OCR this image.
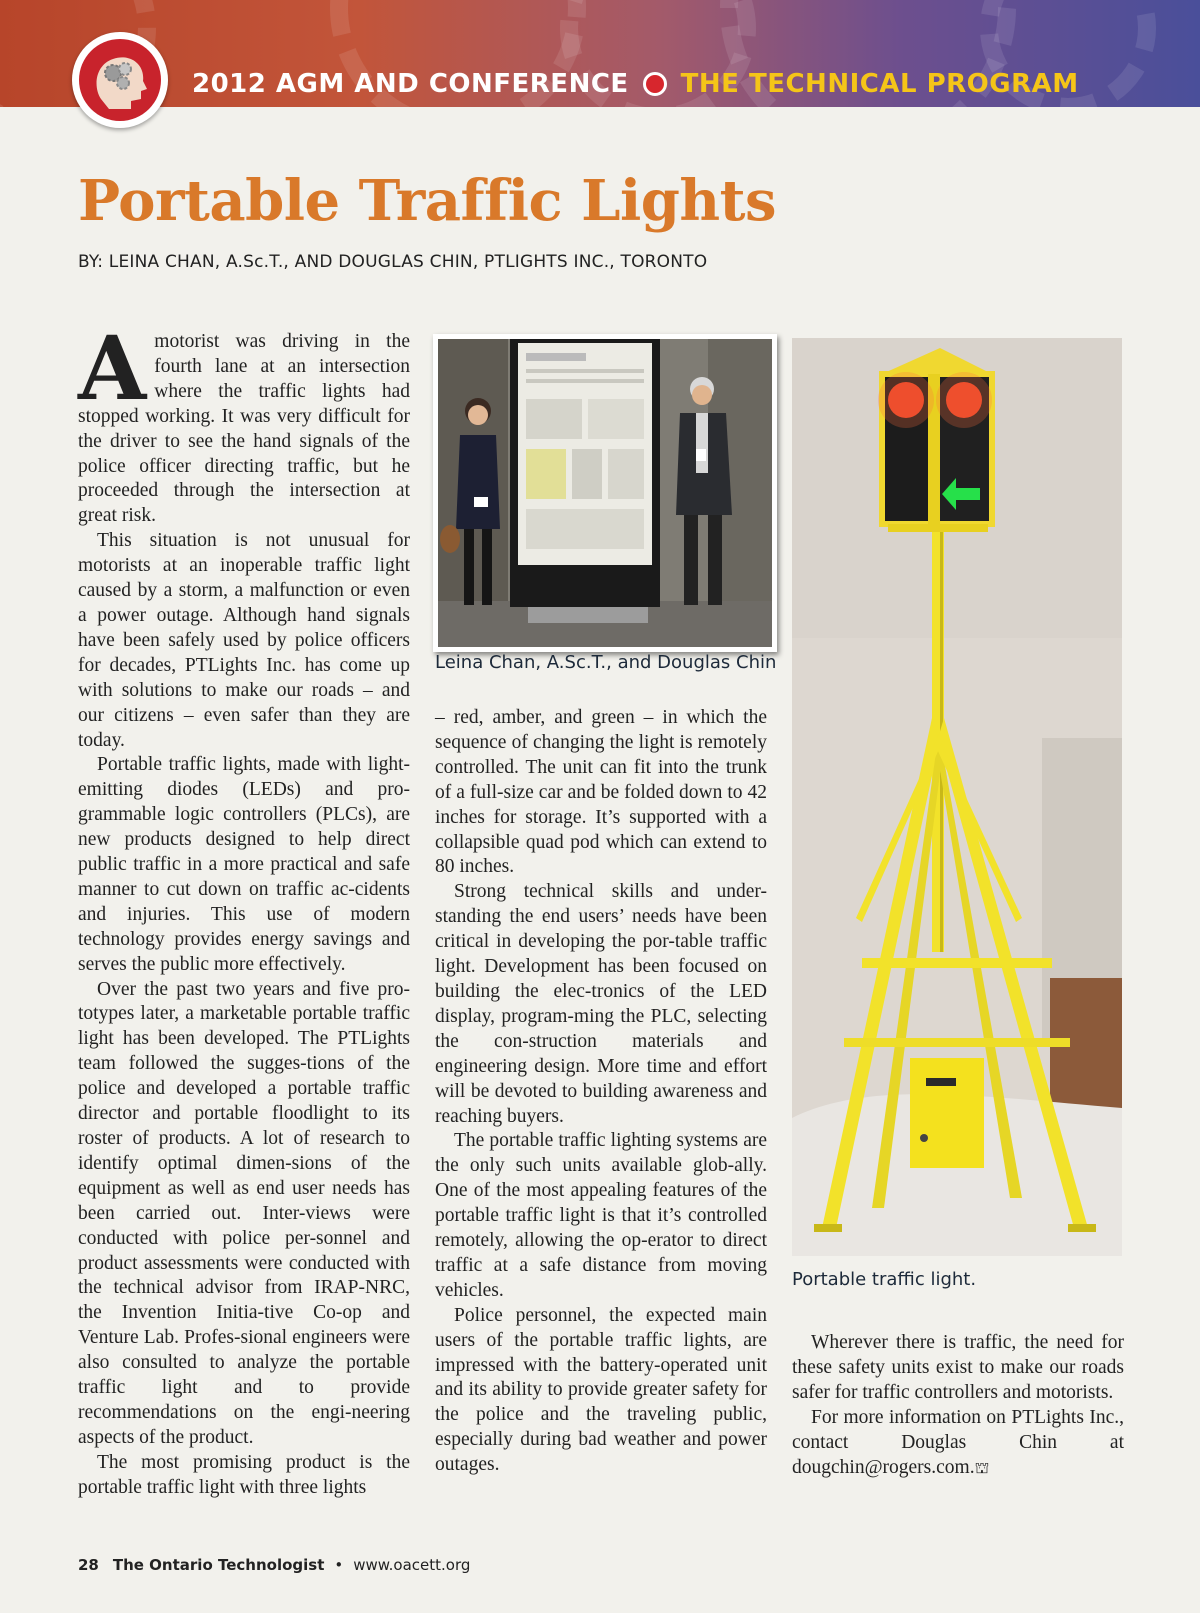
2012 AGM AND CONFERENCE THE TECHNICAL PROGRAM
Portable Traffic Lights
BY: LEINA CHAN, A.Sc.T., AND DOUGLAS CHIN, PTLIGHTS INC., TORONTO

Amotorist was driving in the fourth lane at an intersection where the traffic lights had stopped working. It was very difficult for the driver to see the hand signals of the police officer directing traffic, but he proceeded through the intersection at great risk.

This situation is not unusual for motorists at an inoperable traffic light caused by a storm, a malfunction or even a power outage. Although hand signals have been safely used by police officers for decades, PTLights Inc. has come up with solutions to make our roads – and our citizens – even safer than they are today.

Portable traffic lights, made with light-emitting diodes (LEDs) and pro-grammable logic controllers (PLCs), are new products designed to help direct public traffic in a more practical and safe manner to cut down on traffic ac-cidents and injuries. This use of modern technology provides energy savings and serves the public more effectively.

Over the past two years and five pro-totypes later, a marketable portable traffic light has been developed. The PTLights team followed the sugges-tions of the police and developed a portable traffic director and portable floodlight to its roster of products. A lot of research to identify optimal dimen-sions of the equipment as well as end user needs has been carried out. Inter-views were conducted with police per-sonnel and product assessments were conducted with the technical advisor from IRAP-NRC, the Invention Initia-tive Co-op and Venture Lab. Profes-sional engineers were also consulted to analyze the portable traffic light and to provide recommendations on the engi-neering aspects of the product.

The most promising product is the portable traffic light with three lights

Leina Chan, A.Sc.T., and Douglas Chin

– red, amber, and green – in which the sequence of changing the light is remotely controlled. The unit can fit into the trunk of a full-size car and be folded down to 42 inches for storage. It’s supported with a collapsible quad pod which can extend to 80 inches.

Strong technical skills and under-standing the end users’ needs have been critical in developing the por-table traffic light. Development has been focused on building the elec-tronics of the LED display, program-ming the PLC, selecting the con-struction materials and engineering design. More time and effort will be devoted to building awareness and reaching buyers.

The portable traffic lighting systems are the only such units available glob-ally. One of the most appealing features of the portable traffic light is that it’s controlled remotely, allowing the op-erator to direct traffic at a safe distance from moving vehicles.

Police personnel, the expected main users of the portable traffic lights, are impressed with the battery-operated unit and its ability to provide greater safety for the police and the traveling public, especially during bad weather and power outages.

Portable traffic light.

Wherever there is traffic, the need for these safety units exist to make our roads safer for traffic controllers and motorists.

For more information on PTLights Inc., contact Douglas Chin at dougchin@rogers.com.⛫

28 The Ontario Technologist • www.oacett.org
